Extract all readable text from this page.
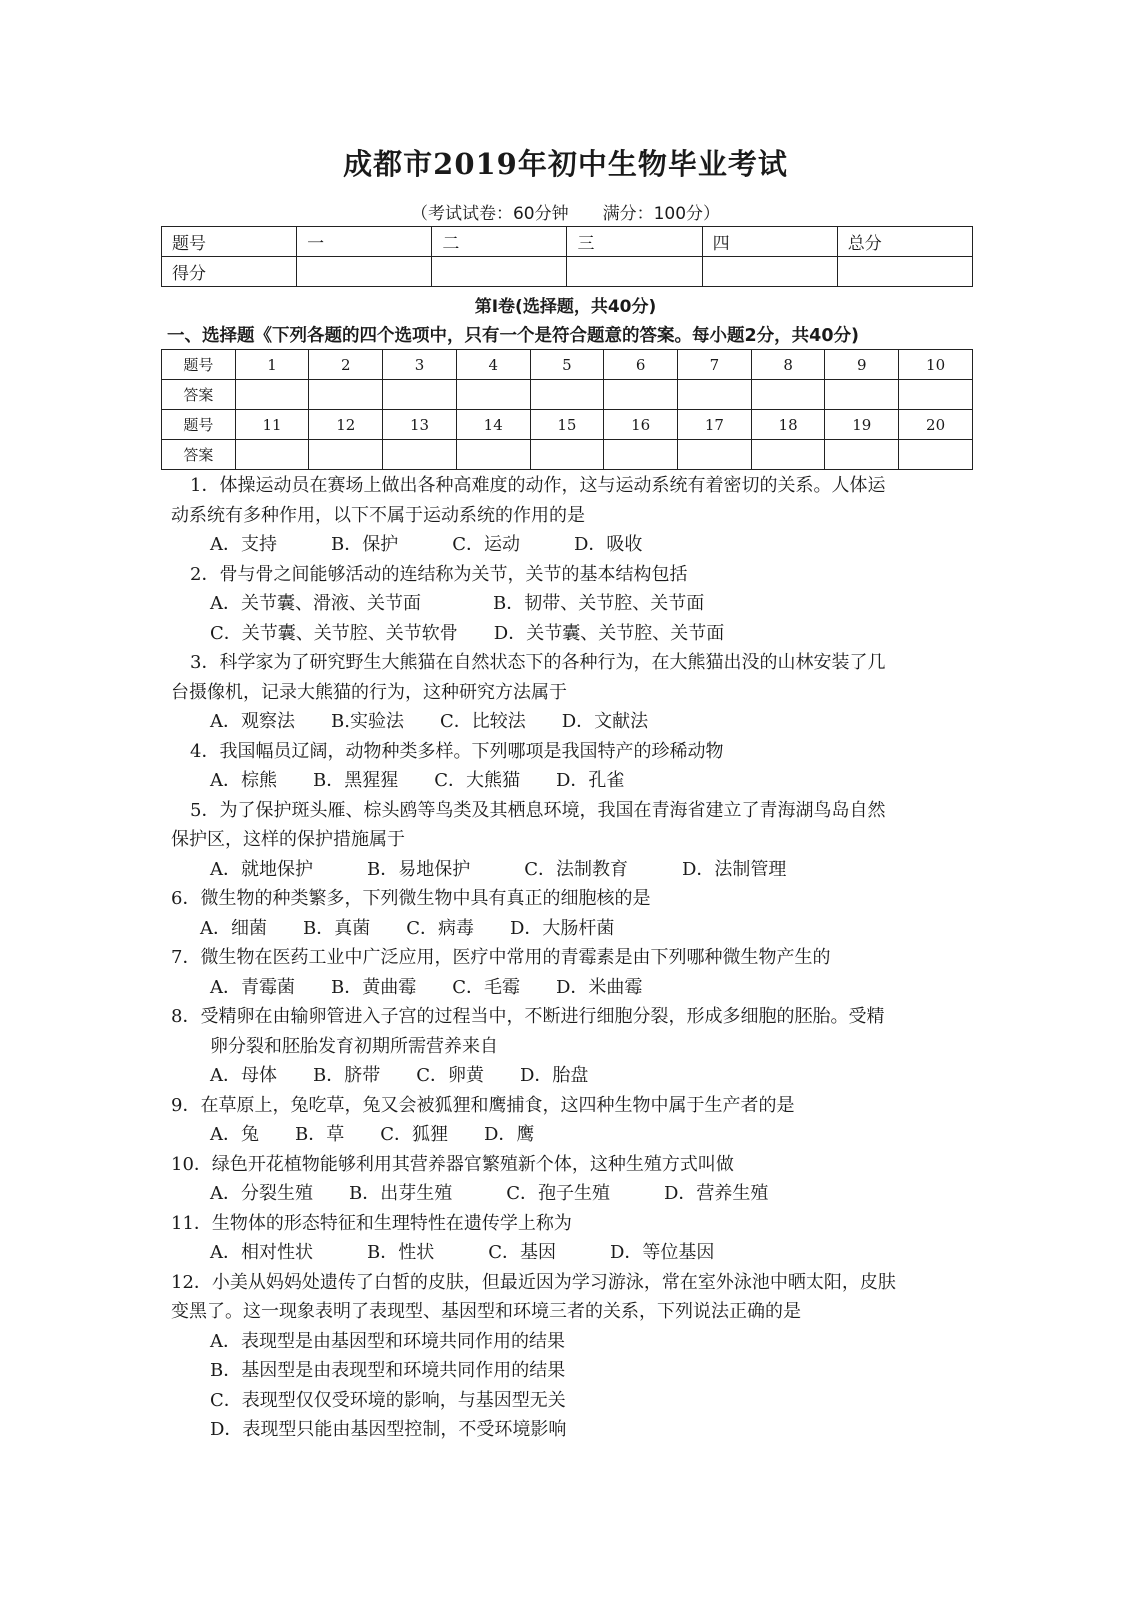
成都市2019年初中生物毕业考试
（考试试卷：60分钟　　满分：100分）
题号	一	二	三	四	总分
得分					
第Ⅰ卷(选择题，共40分)
一、选择题《下列各题的四个选项中，只有一个是符合题意的答案。每小题2分，共40分)
题号	1	2	3	4	5	6	7	8	9	10
答案										
题号	11	12	13	14	15	16	17	18	19	20
答案										
1．体操运动员在赛场上做出各种高难度的动作，这与运动系统有着密切的关系。人体运
动系统有多种作用，以下不属于运动系统的作用的是
A．支持　　　B．保护　　　C．运动　　　D．吸收
2．骨与骨之间能够活动的连结称为关节，关节的基本结构包括
A．关节囊、滑液、关节面　　　　B．韧带、关节腔、关节面
C．关节囊、关节腔、关节软骨　　D．关节囊、关节腔、关节面
3．科学家为了研究野生大熊猫在自然状态下的各种行为，在大熊猫出没的山林安装了几
台摄像机，记录大熊猫的行为，这种研究方法属于
A．观察法　　B.实验法　　C．比较法　　D．文献法
4．我国幅员辽阔，动物种类多样。下列哪项是我国特产的珍稀动物
A．棕熊　　B．黑猩猩　　C．大熊猫　　D．孔雀
5．为了保护斑头雁、棕头鸥等鸟类及其栖息环境，我国在青海省建立了青海湖鸟岛自然
保护区，这样的保护措施属于
A．就地保护　　　B．易地保护　　　C．法制教育　　　D．法制管理
6．微生物的种类繁多，下列微生物中具有真正的细胞核的是
A．细菌　　B．真菌　　C．病毒　　D．大肠杆菌
7．微生物在医药工业中广泛应用，医疗中常用的青霉素是由下列哪种微生物产生的
A．青霉菌　　B．黄曲霉　　C．毛霉　　D．米曲霉
8．受精卵在由输卵管进入子宫的过程当中，不断进行细胞分裂，形成多细胞的胚胎。受精
卵分裂和胚胎发育初期所需营养来自
A．母体　　B．脐带　　C．卵黄　　D．胎盘
9．在草原上，兔吃草，兔又会被狐狸和鹰捕食，这四种生物中属于生产者的是
A．兔　　B．草　　C．狐狸　　D．鹰
10．绿色开花植物能够利用其营养器官繁殖新个体，这种生殖方式叫做
A．分裂生殖　　B．出芽生殖　　　C．孢子生殖　　　D．营养生殖
11．生物体的形态特征和生理特性在遗传学上称为
A．相对性状　　　B．性状　　　C．基因　　　D．等位基因
12．小美从妈妈处遗传了白皙的皮肤，但最近因为学习游泳，常在室外泳池中晒太阳，皮肤
变黑了。这一现象表明了表现型、基因型和环境三者的关系，下列说法正确的是
A．表现型是由基因型和环境共同作用的结果
B．基因型是由表现型和环境共同作用的结果
C．表现型仅仅受环境的影响，与基因型无关
D．表现型只能由基因型控制，不受环境影响
